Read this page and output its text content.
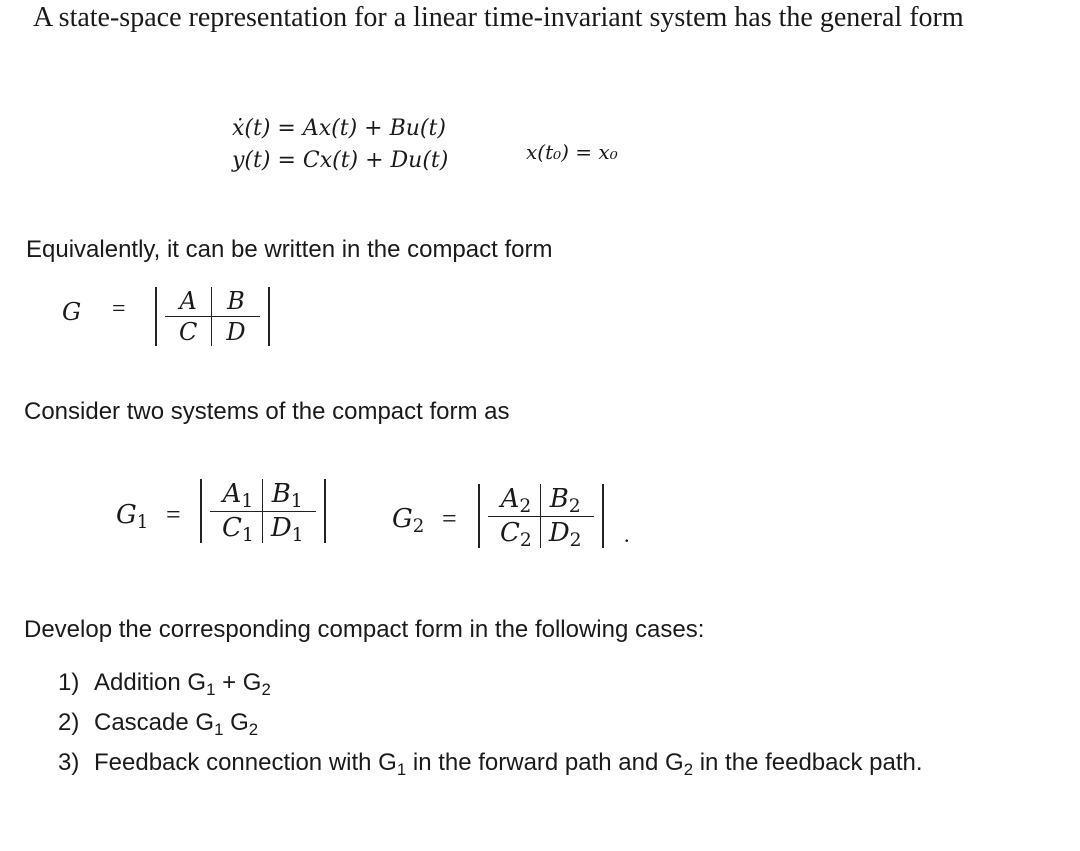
A state-space representation for a linear time-invariant system has the general form
ẋ(t) = Ax(t) + Bu(t)
y(t) = Cx(t) + Du(t)	x(t₀) = x₀
Equivalently, it can be written in the compact form
G =	A	B
C	D
Consider two systems of the compact form as
$G_1$ =
$A_1$ $B_1$
$C_1$ $D_1$
$G_2$ =
$A_2$ $B_2$
$C_2$ $D_2$	.
Develop the corresponding compact form in the following cases:
1) Addition $G_1 + G_2$
2) Cascade $G_1$ $G_2$
3) Feedback connection with $G_1$ in the forward path and $G_2$ in the feedback path.
